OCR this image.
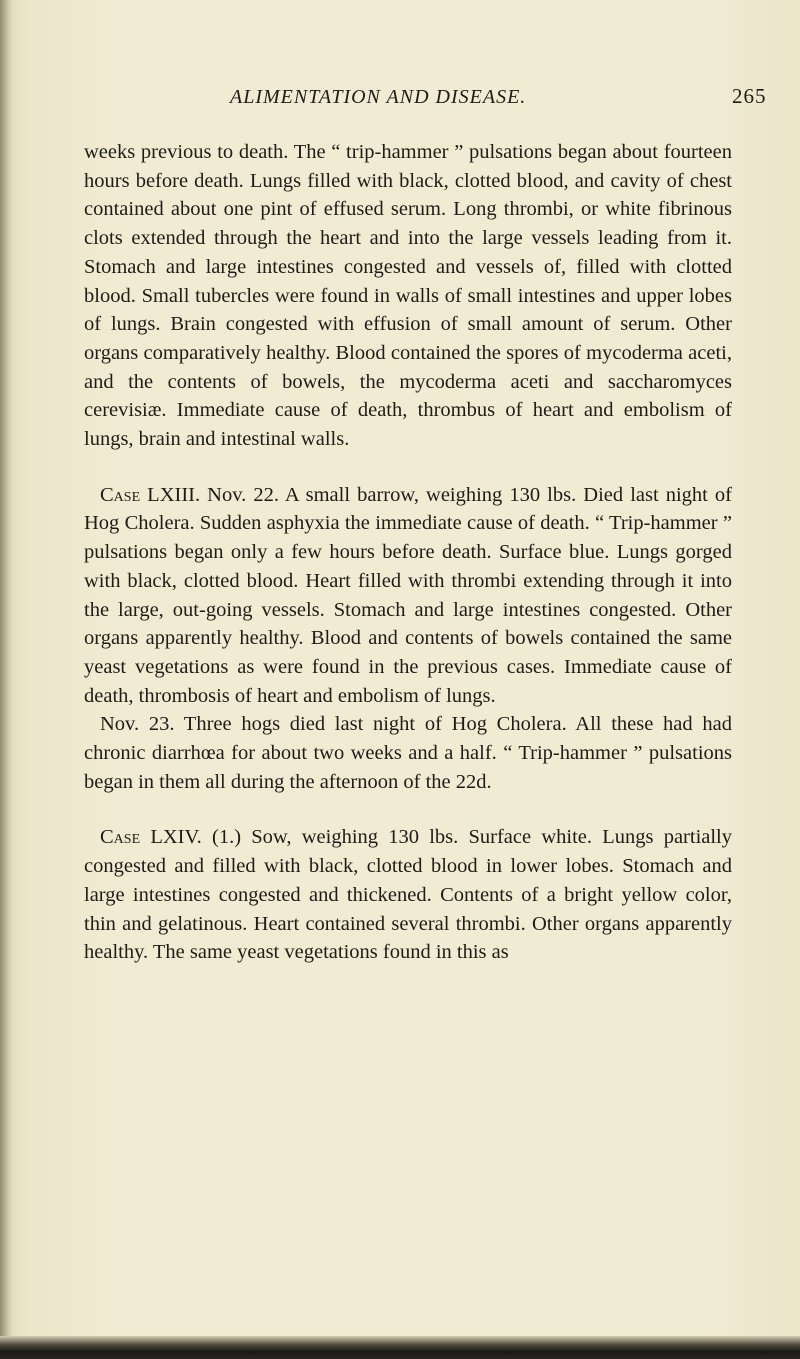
ALIMENTATION AND DISEASE.	265

weeks previous to death. The “ trip-hammer ” pulsations began about fourteen hours before death. Lungs filled with black, clotted blood, and cavity of chest contained about one pint of effused serum. Long thrombi, or white fibrinous clots extended through the heart and into the large vessels leading from it. Stomach and large intestines congested and vessels of, filled with clotted blood. Small tubercles were found in walls of small intestines and upper lobes of lungs. Brain congested with effusion of small amount of serum. Other organs comparatively healthy. Blood contained the spores of mycoderma aceti, and the contents of bowels, the mycoderma aceti and saccharomyces cerevisiæ. Immediate cause of death, thrombus of heart and embolism of lungs, brain and intestinal walls.

Case LXIII. Nov. 22. A small barrow, weighing 130 lbs. Died last night of Hog Cholera. Sudden asphyxia the immediate cause of death. “ Trip-hammer ” pulsations began only a few hours before death. Surface blue. Lungs gorged with black, clotted blood. Heart filled with thrombi extending through it into the large, out-going vessels. Stomach and large intestines congested. Other organs apparently healthy. Blood and contents of bowels contained the same yeast vegetations as were found in the previous cases. Immediate cause of death, thrombosis of heart and embolism of lungs.

Nov. 23. Three hogs died last night of Hog Cholera. All these had had chronic diarrhœa for about two weeks and a half. “ Trip-hammer ” pulsations began in them all during the afternoon of the 22d.

Case LXIV. (1.) Sow, weighing 130 lbs. Surface white. Lungs partially congested and filled with black, clotted blood in lower lobes. Stomach and large intestines congested and thickened. Contents of a bright yellow color, thin and gelatinous. Heart contained several thrombi. Other organs apparently healthy. The same yeast vegetations found in this as
